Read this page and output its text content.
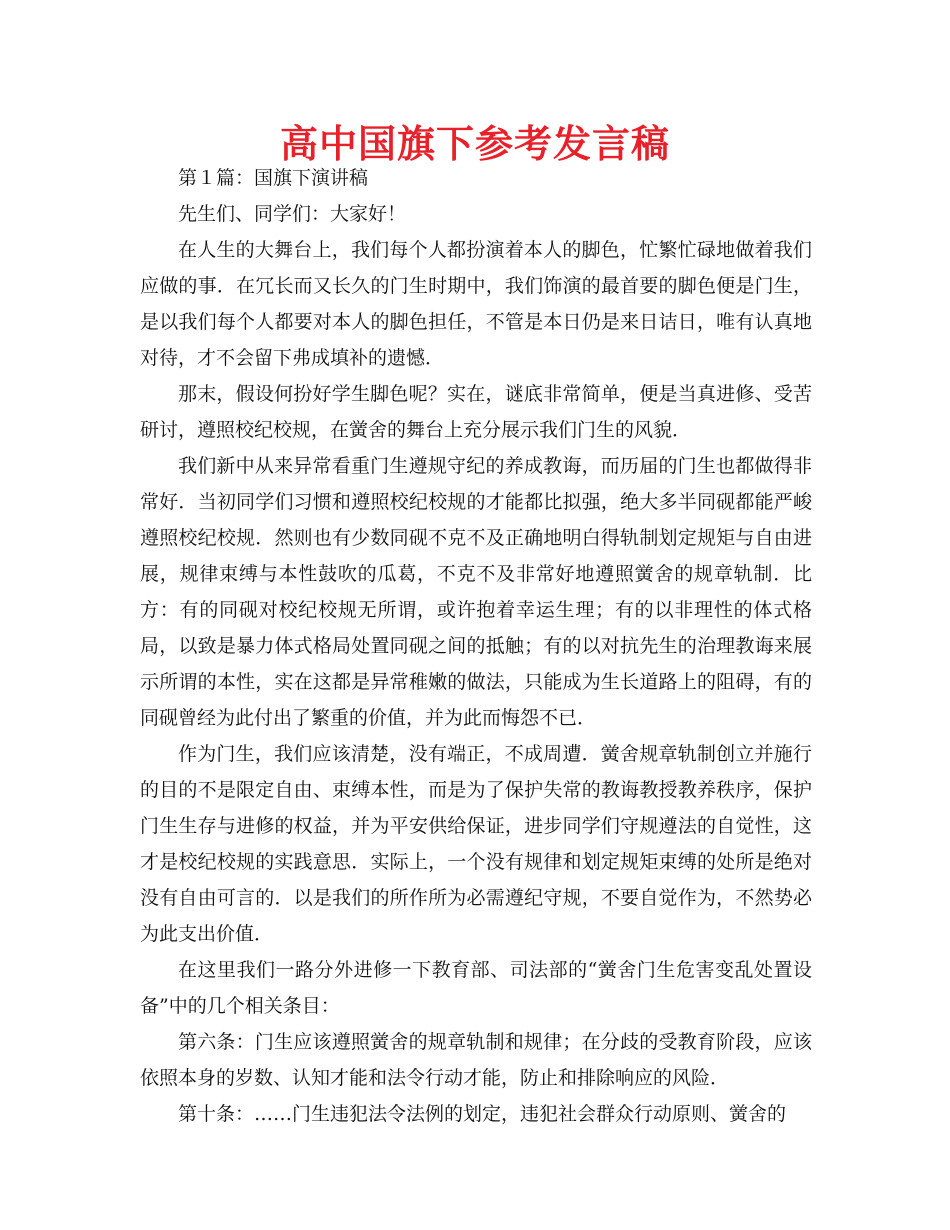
高中国旗下参考发言稿

第１篇：国旗下演讲稿

先生们、同学们：大家好！

在人生的大舞台上，我们每个人都扮演着本人的脚色，忙繁忙碌地做着我们应做的事．在冗长而又长久的门生时期中，我们饰演的最首要的脚色便是门生，是以我们每个人都要对本人的脚色担任，不管是本日仍是来日诘日，唯有认真地对待，才不会留下弗成填补的遗憾．

那末，假设何扮好学生脚色呢？实在，谜底非常简单，便是当真进修、受苦研讨，遵照校纪校规，在黉舍的舞台上充分展示我们门生的风貌．

我们新中从来异常看重门生遵规守纪的养成教诲，而历届的门生也都做得非常好．当初同学们习惯和遵照校纪校规的才能都比拟强，绝大多半同砚都能严峻遵照校纪校规．然则也有少数同砚不克不及正确地明白得轨制划定规矩与自由进展，规律束缚与本性鼓吹的瓜葛，不克不及非常好地遵照黉舍的规章轨制．比方：有的同砚对校纪校规无所谓，或许抱着幸运生理；有的以非理性的体式格局，以致是暴力体式格局处置同砚之间的抵触；有的以对抗先生的治理教诲来展示所谓的本性，实在这都是异常稚嫩的做法，只能成为生长道路上的阻碍，有的同砚曾经为此付出了繁重的价值，并为此而悔怨不已．

作为门生，我们应该清楚，没有端正，不成周遭．黉舍规章轨制创立并施行的目的不是限定自由、束缚本性，而是为了保护失常的教诲教授教养秩序，保护门生生存与进修的权益，并为平安供给保证，进步同学们守规遵法的自觉性，这才是校纪校规的实践意思．实际上，一个没有规律和划定规矩束缚的处所是绝对没有自由可言的．以是我们的所作所为必需遵纪守规，不要自觉作为，不然势必为此支出价值．

在这里我们一路分外进修一下教育部、司法部的“黉舍门生危害变乱处置设备”中的几个相关条目：

第六条：门生应该遵照黉舍的规章轨制和规律；在分歧的受教育阶段，应该依照本身的岁数、认知才能和法令行动才能，防止和排除响应的风险．

第十条：……门生违犯法令法例的划定，违犯社会群众行动原则、黉舍的
